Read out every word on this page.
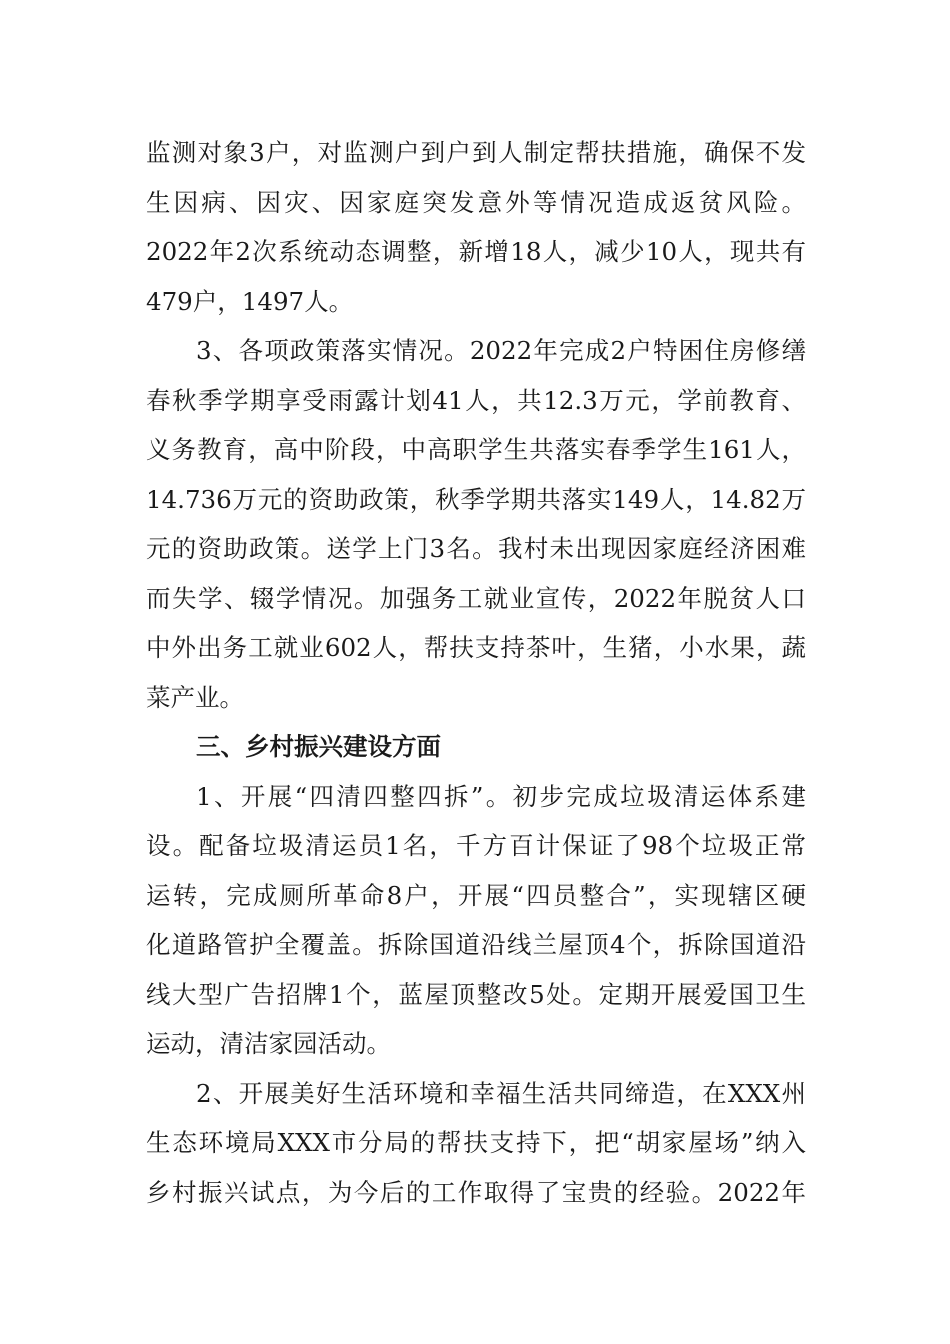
监测对象3户，对监测户到户到人制定帮扶措施，确保不发
生因病、因灾、因家庭突发意外等情况造成返贫风险。
2022年2次系统动态调整，新增18人，减少10人，现共有
479户，1497人。
3、各项政策落实情况。2022年完成2户特困住房修缮
春秋季学期享受雨露计划41人，共12.3万元，学前教育、
义务教育，高中阶段，中高职学生共落实春季学生161人，
14.736万元的资助政策，秋季学期共落实149人，14.82万
元的资助政策。送学上门3名。我村未出现因家庭经济困难
而失学、辍学情况。加强务工就业宣传，2022年脱贫人口
中外出务工就业602人，帮扶支持茶叶，生猪，小水果，蔬
菜产业。
三、乡村振兴建设方面
1、开展“四清四整四拆”。初步完成垃圾清运体系建
设。配备垃圾清运员1名，千方百计保证了98个垃圾正常
运转，完成厕所革命8户，开展“四员整合”，实现辖区硬
化道路管护全覆盖。拆除国道沿线兰屋顶4个，拆除国道沿
线大型广告招牌1个，蓝屋顶整改5处。定期开展爱国卫生
运动，清洁家园活动。
2、开展美好生活环境和幸福生活共同缔造，在XXX州
生态环境局XXX市分局的帮扶支持下，把“胡家屋场”纳入
乡村振兴试点，为今后的工作取得了宝贵的经验。2022年
